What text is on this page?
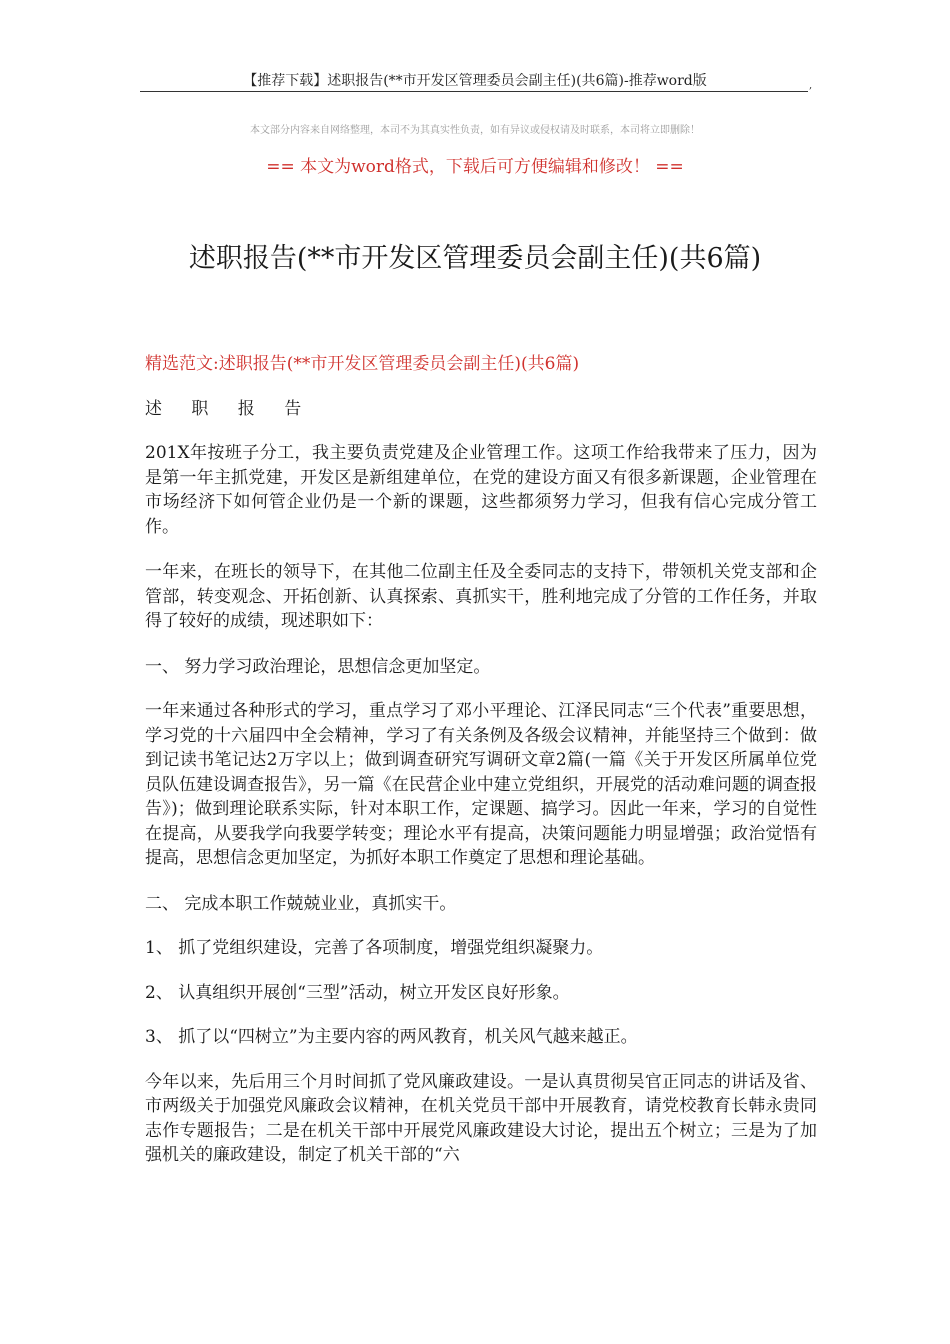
【推荐下载】述职报告(**市开发区管理委员会副主任)(共6篇)-推荐word版	,
本文部分内容来自网络整理，本司不为其真实性负责，如有异议或侵权请及时联系，本司将立即删除！
== 本文为word格式，下载后可方便编辑和修改！ ==
述职报告(**市开发区管理委员会副主任)(共6篇)

精选范文:述职报告(**市开发区管理委员会副主任)(共6篇)

述 职 报 告

201X年按班子分工，我主要负责党建及企业管理工作。这项工作给我带来了压力，因为是第一年主抓党建，开发区是新组建单位，在党的建设方面又有很多新课题，企业管理在市场经济下如何管企业仍是一个新的课题，这些都须努力学习，但我有信心完成分管工作。

一年来，在班长的领导下，在其他二位副主任及全委同志的支持下，带领机关党支部和企管部，转变观念、开拓创新、认真探索、真抓实干，胜利地完成了分管的工作任务，并取得了较好的成绩，现述职如下：

一、 努力学习政治理论，思想信念更加坚定。

一年来通过各种形式的学习，重点学习了邓小平理论、江泽民同志“三个代表”重要思想，学习党的十六届四中全会精神，学习了有关条例及各级会议精神，并能坚持三个做到：做到记读书笔记达2万字以上；做到调查研究写调研文章2篇(一篇《关于开发区所属单位党员队伍建设调查报告》，另一篇《在民营企业中建立党组织，开展党的活动难问题的调查报告》)；做到理论联系实际，针对本职工作，定课题、搞学习。因此一年来，学习的自觉性在提高，从要我学向我要学转变；理论水平有提高，决策问题能力明显增强；政治觉悟有提高，思想信念更加坚定，为抓好本职工作奠定了思想和理论基础。

二、 完成本职工作兢兢业业，真抓实干。

1、 抓了党组织建设，完善了各项制度，增强党组织凝聚力。

2、 认真组织开展创“三型”活动，树立开发区良好形象。

3、 抓了以“四树立”为主要内容的两风教育，机关风气越来越正。

今年以来，先后用三个月时间抓了党风廉政建设。一是认真贯彻吴官正同志的讲话及省、市两级关于加强党风廉政会议精神，在机关党员干部中开展教育，请党校教育长韩永贵同志作专题报告；二是在机关干部中开展党风廉政建设大讨论，提出五个树立；三是为了加强机关的廉政建设，制定了机关干部的“六
